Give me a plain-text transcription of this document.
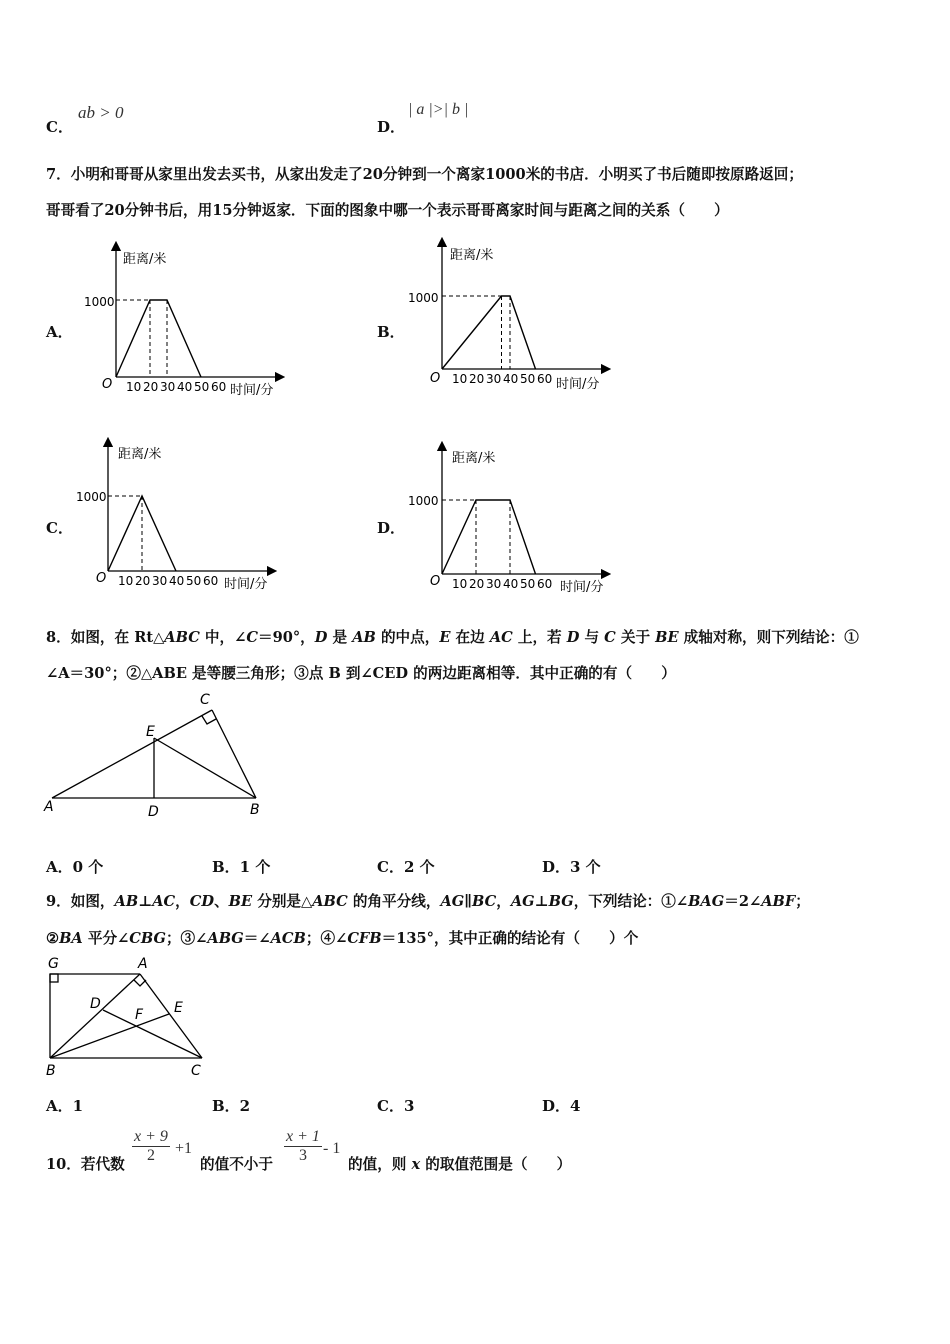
C．
ab > 0
D．
| a |>| b |
7．小明和哥哥从家里出发去买书，从家出发走了20分钟到一个离家1000米的书店．小明买了书后随即按原路返回；
哥哥看了20分钟书后，用15分钟返家．下面的图象中哪一个表示哥哥离家时间与距离之间的关系（　　）
A．	B．
C．	D．
距离/米
时间/分
O
1000
10 20 30 40 50 60
距离/米
时间/分
O
1000
10 20 30 40 50 60
距离/米
时间/分
O
1000
10 20 30 40 50 60
距离/米
时间/分
O
1000
10 20 30 40 50 60
8．如图，在 Rt△ABC 中，∠C＝90°，D 是 AB 的中点，E 在边 AC 上，若 D 与 C 关于 BE 成轴对称，则下列结论：①
∠A＝30°；②△ABE 是等腰三角形；③点 B 到∠CED 的两边距离相等．其中正确的有（　　）
A	B
C
D
E
A．0 个	B．1 个	C．2 个	D．3 个
9．如图，AB⊥AC，CD、BE 分别是△ABC 的角平分线，AG∥BC，AG⊥BG，下列结论：①∠BAG＝2∠ABF；
②BA 平分∠CBG；③∠ABG＝∠ACB；④∠CFB＝135°，其中正确的结论有（　　）个
G	A
D	E
F
B	C
A．1	B．2	C．3	D．4
10．若代数 $\frac{x + 9}{2} +1$
的值不小于 $\frac{x + 1}{3} - 1$
的值，则 x 的取值范围是（　　）
